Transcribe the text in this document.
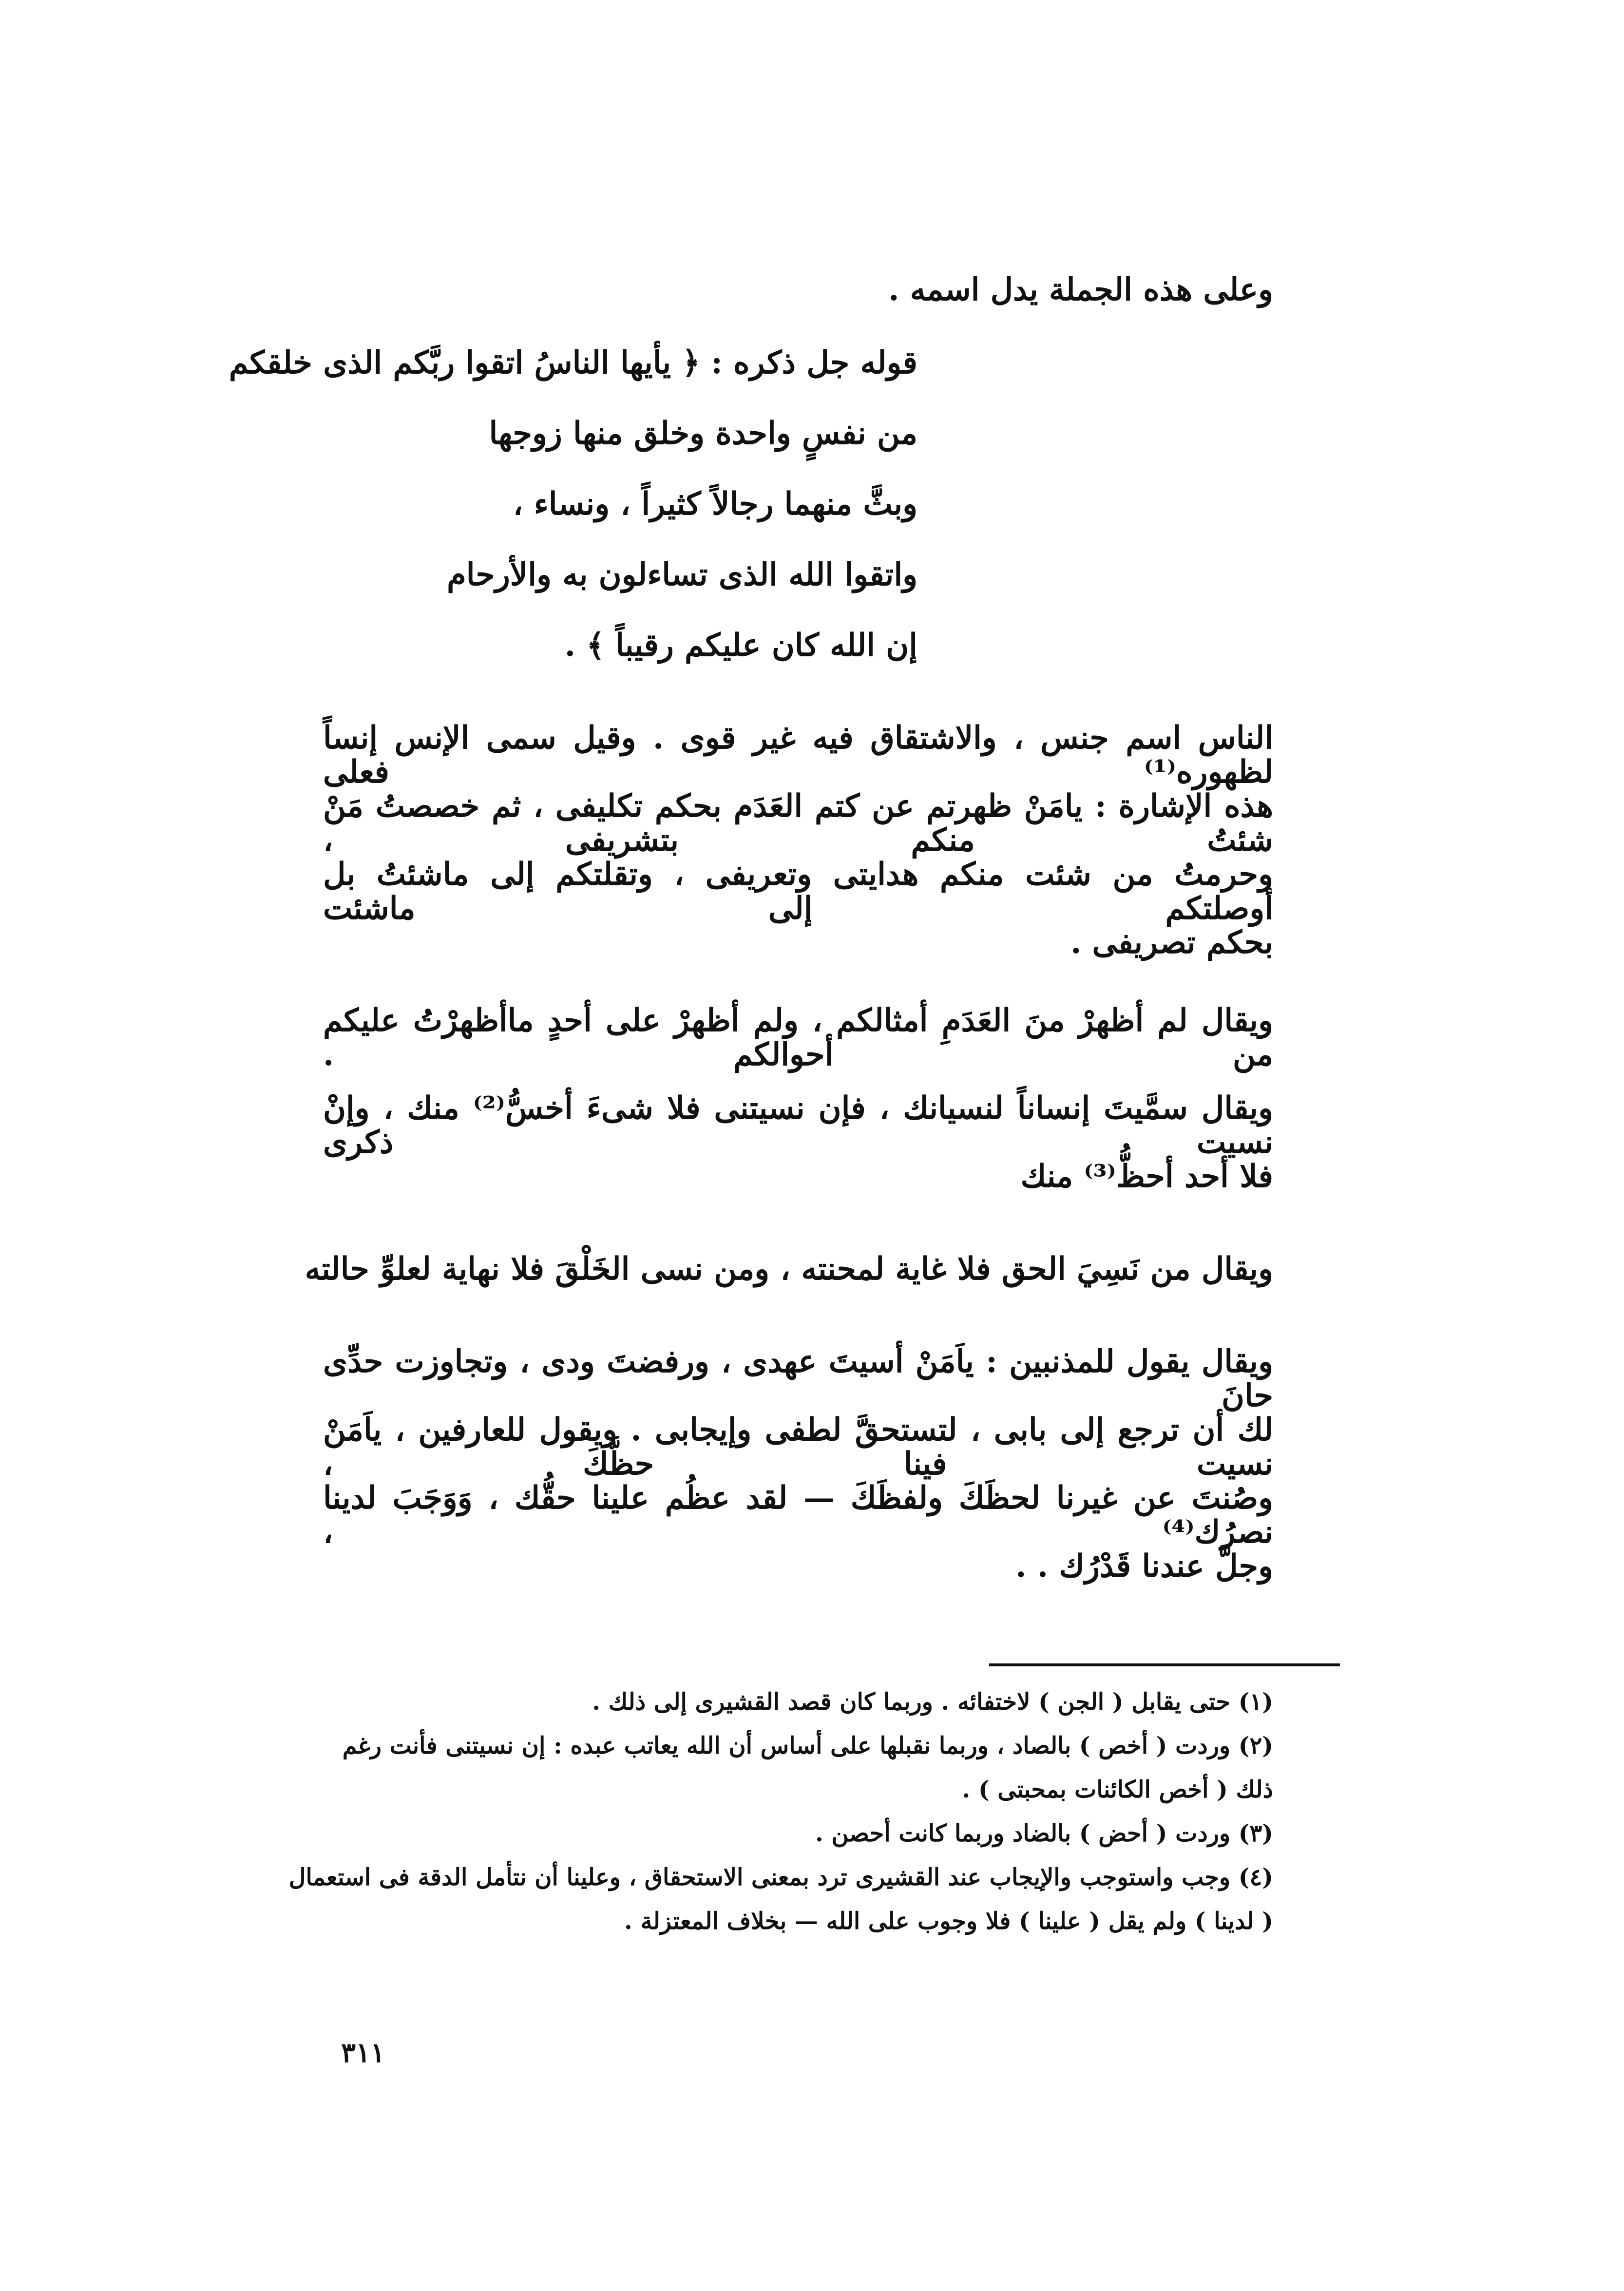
وعلى هذه الجملة يدل اسمه .
قوله جل ذكره : ﴿ يأيها الناسُ اتقوا ربَّكم الذى خلقكم
من نفسٍ واحدة وخلق منها زوجها
وبثَّ منهما رجالاً كثيراً ، ونساء ،
واتقوا الله الذى تساءلون به والأرحام
إن الله كان عليكم رقيباً ﴾ .
الناس اسم جنس ، والاشتقاق فيه غير قوى . وقيل سمى الإنس إنساً لظهوره⁽¹⁾ فعلى
هذه الإشارة : يامَنْ ظهرتم عن كتم العَدَم بحكم تكليفى ، ثم خصصتُ مَنْ شئتُ منكم بتشريفى ،
وحرمتُ من شئت منكم هدايتى وتعريفى ، وتقلتكم إلى ماشئتُ بل أوصلتكم إلى ماشئت
بحكم تصريفى .
ويقال لم أظهرْ منَ العَدَمِ أمثالكم ، ولم أظهرْ على أحدٍ ماأظهرْتُ عليكم من أحوالكم .
ويقال سمَّيتَ إنساناً لنسيانك ، فإن نسيتنى فلا شىءَ أخسُّ⁽²⁾ منك ، وإنْ نسيت ذكرى
فلا أحد أحظُّ⁽³⁾ منك
ويقال من نَسِيَ الحق فلا غاية لمحنته ، ومن نسى الخَلْقَ فلا نهاية لعلوِّ حالته
ويقال يقول للمذنبين : ياَمَنْ أسيتَ عهدى ، ورفضتَ ودى ، وتجاوزت حدِّى حانَ
لك أن ترجع إلى بابى ، لتستحقَّ لطفى وإيجابى . ويقول للعارفين ، ياَمَنْ نسيت فينا حظَّكَ ،
وصُنتَ عن غيرنا لحظَكَ ولفظَكَ — لقد عظُم علينا حقُّك ، وَوَجَبَ لدينا نصرُك⁽⁴⁾ ،
وجلَّ عندنا قَدْرُك . .
(١) حتى يقابل ( الجن ) لاختفائه . وربما كان قصد القشيرى إلى ذلك .
(٢) وردت ( أخص ) بالصاد ، وربما نقبلها على أساس أن الله يعاتب عبده : إن نسيتنى فأنت رغم
ذلك ( أخص الكائنات بمحبتى ) .
(٣) وردت ( أحض ) بالضاد وربما كانت أحصن .
(٤) وجب واستوجب والإيجاب عند القشيرى ترد بمعنى الاستحقاق ، وعلينا أن نتأمل الدقة فى استعمال
( لدينا ) ولم يقل ( علينا ) فلا وجوب على الله — بخلاف المعتزلة .
٣١١
